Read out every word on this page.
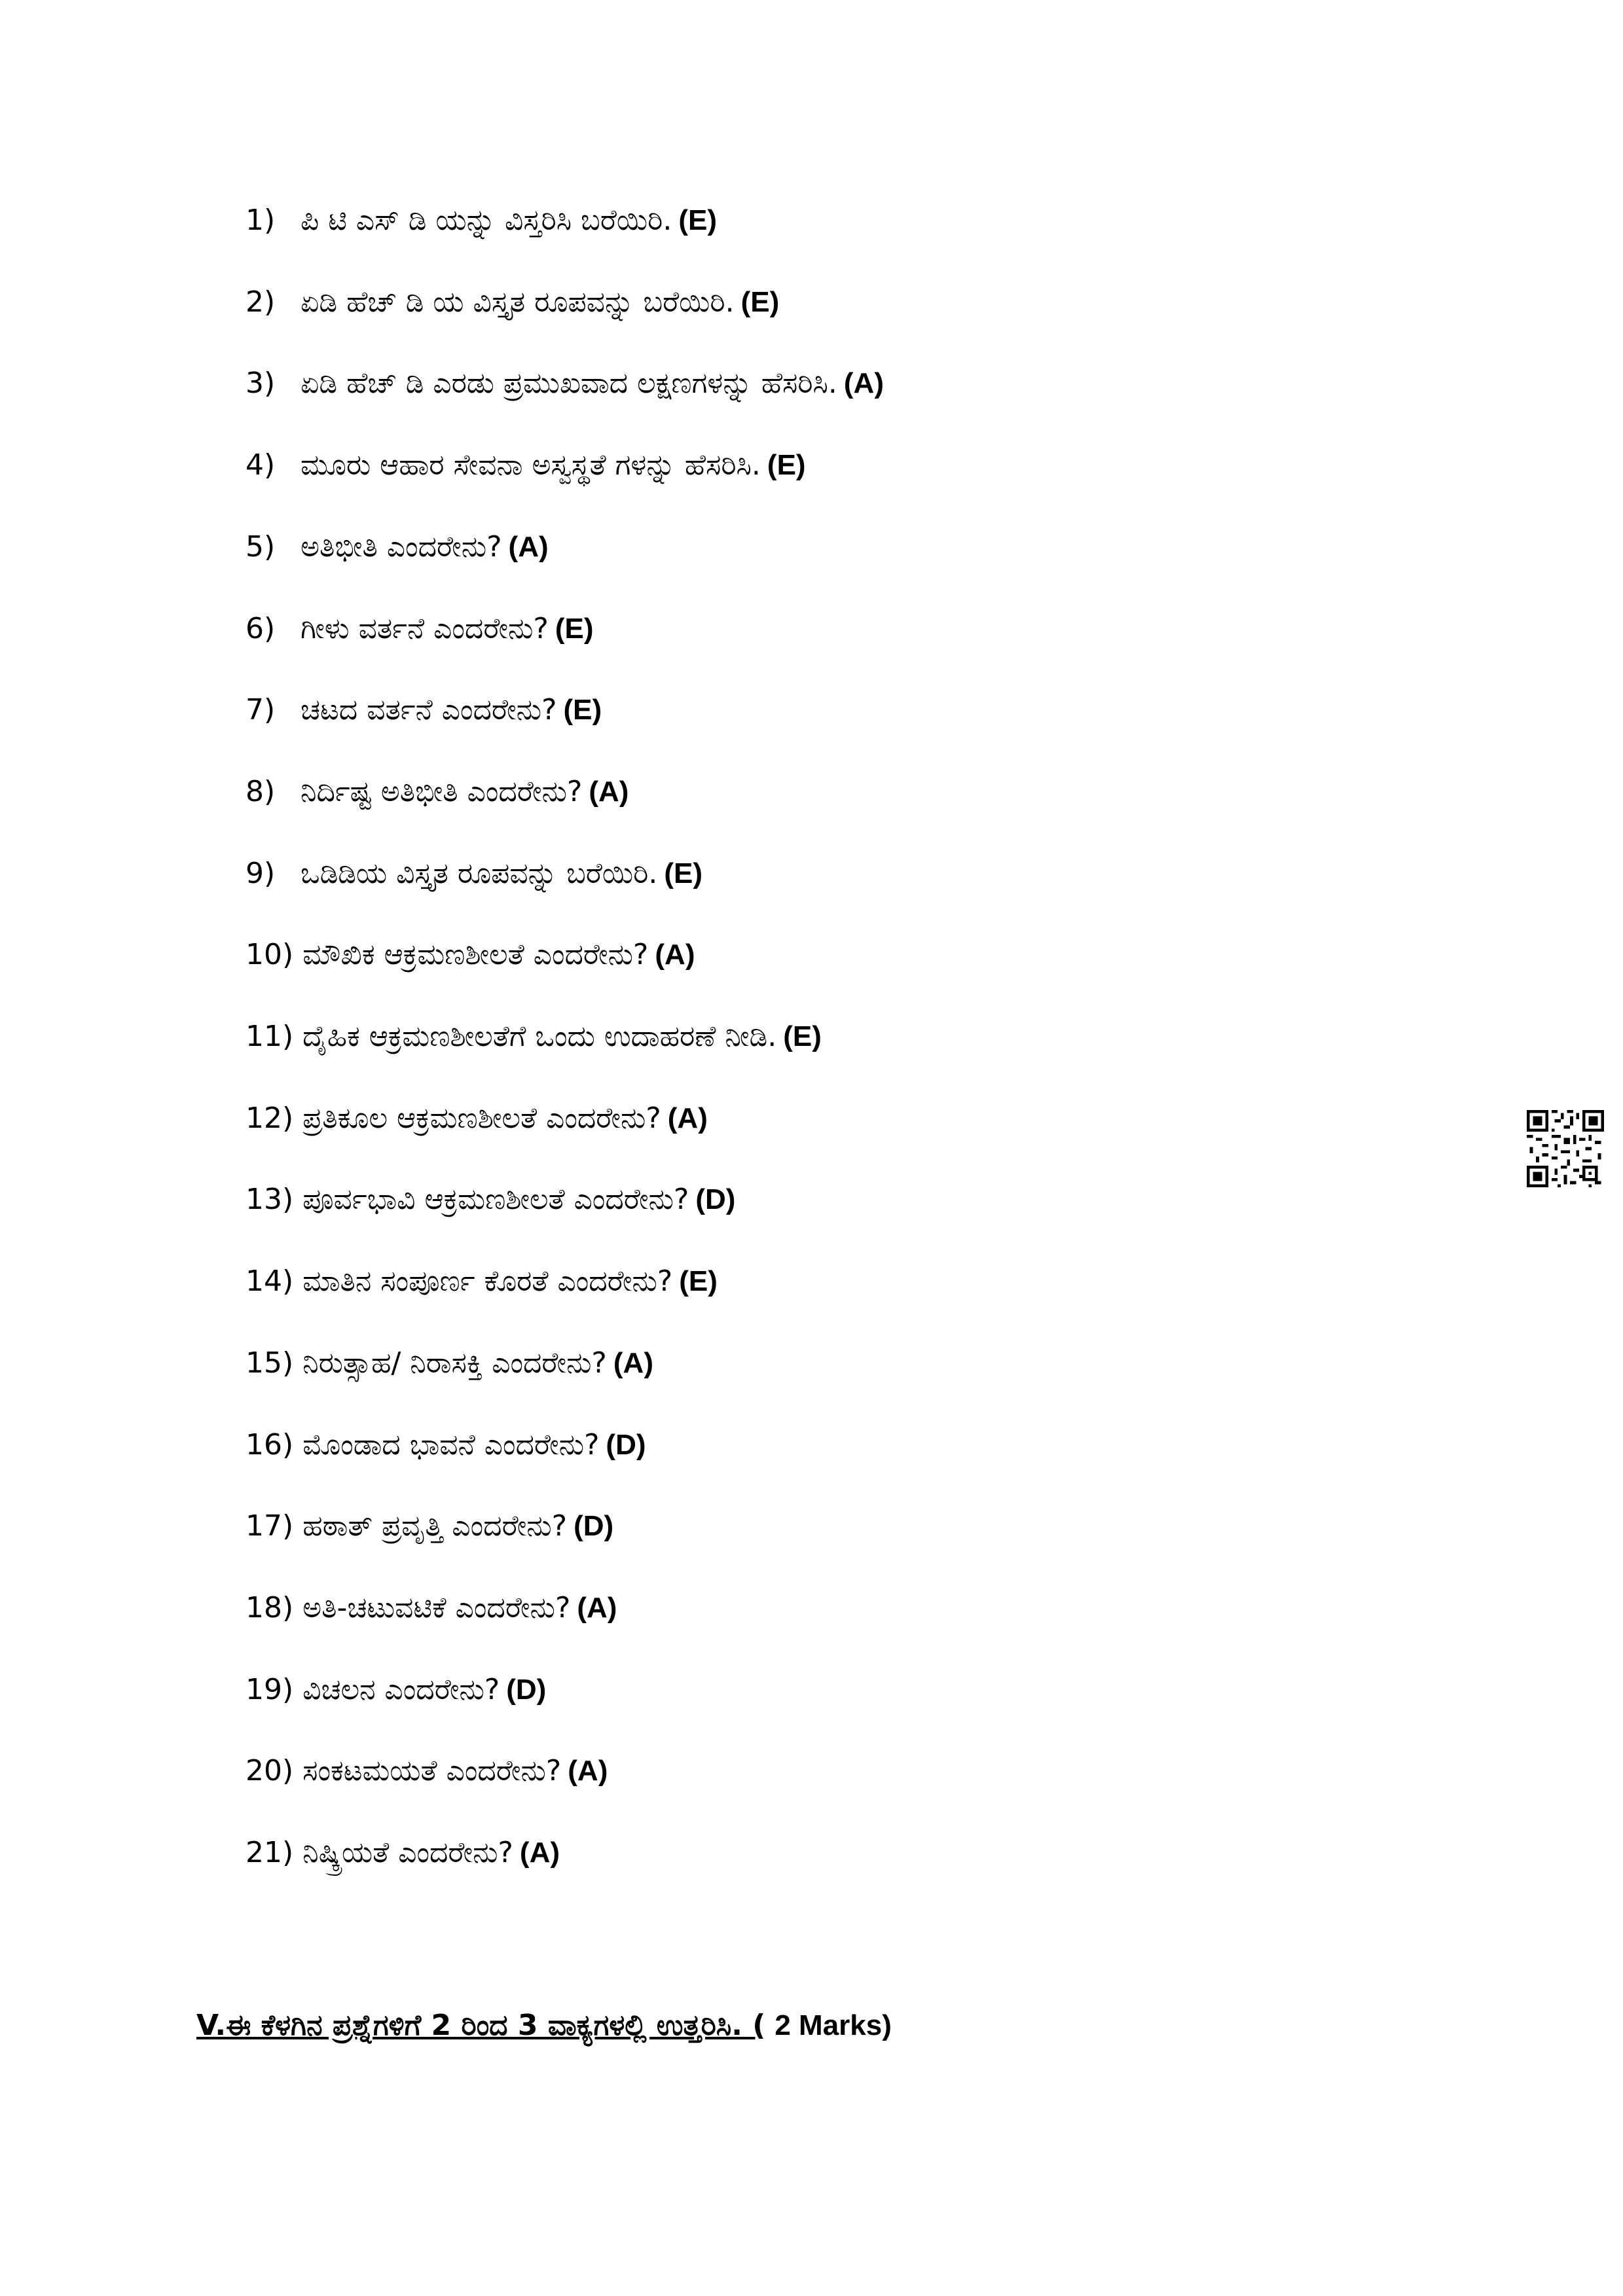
1) ಪಿ ಟಿ ಎಸ್ ಡಿ ಯನ್ನು ವಿಸ್ತರಿಸಿ ಬರೆಯಿರಿ. (E)
2) ಏಡಿ ಹೆಚ್ ಡಿ ಯ ವಿಸ್ತೃತ ರೂಪವನ್ನು ಬರೆಯಿರಿ. (E)
3) ಏಡಿ ಹೆಚ್ ಡಿ ಎರಡು ಪ್ರಮುಖವಾದ ಲಕ್ಷಣಗಳನ್ನು ಹೆಸರಿಸಿ. (A)
4) ಮೂರು ಆಹಾರ ಸೇವನಾ ಅಸ್ವಸ್ಥತೆ ಗಳನ್ನು ಹೆಸರಿಸಿ. (E)
5) ಅತಿಭೀತಿ ಎಂದರೇನು? (A)
6) ಗೀಳು ವರ್ತನೆ ಎಂದರೇನು? (E)
7) ಚಟದ ವರ್ತನೆ ಎಂದರೇನು? (E)
8) ನಿರ್ದಿಷ್ಟ ಅತಿಭೀತಿ ಎಂದರೇನು? (A)
9) ಒಡಿಡಿಯ ವಿಸ್ತೃತ ರೂಪವನ್ನು ಬರೆಯಿರಿ. (E)
10) ಮೌಖಿಕ ಆಕ್ರಮಣಶೀಲತೆ ಎಂದರೇನು? (A)
11) ದೈಹಿಕ ಆಕ್ರಮಣಶೀಲತೆಗೆ ಒಂದು ಉದಾಹರಣೆ ನೀಡಿ. (E)
12) ಪ್ರತಿಕೂಲ ಆಕ್ರಮಣಶೀಲತೆ ಎಂದರೇನು? (A)
13) ಪೂರ್ವಭಾವಿ ಆಕ್ರಮಣಶೀಲತೆ ಎಂದರೇನು? (D)
14) ಮಾತಿನ ಸಂಪೂರ್ಣ ಕೊರತೆ ಎಂದರೇನು? (E)
15) ನಿರುತ್ಸಾಹ/ ನಿರಾಸಕ್ತಿ ಎಂದರೇನು? (A)
16) ಮೊಂಡಾದ ಭಾವನೆ ಎಂದರೇನು? (D)
17) ಹಠಾತ್ ಪ್ರವೃತ್ತಿ ಎಂದರೇನು? (D)
18) ಅತಿ-ಚಟುವಟಿಕೆ ಎಂದರೇನು? (A)
19) ವಿಚಲನ ಎಂದರೇನು? (D)
20) ಸಂಕಟಮಯತೆ ಎಂದರೇನು? (A)
21) ನಿಷ್ಕ್ರಿಯತೆ ಎಂದರೇನು? (A)
V.ಈ ಕೆಳಗಿನ ಪ್ರಶ್ನೆಗಳಿಗೆ 2 ರಿಂದ 3 ವಾಕ್ಯಗಳಲ್ಲಿ ಉತ್ತರಿಸಿ. ( 2 Marks)
